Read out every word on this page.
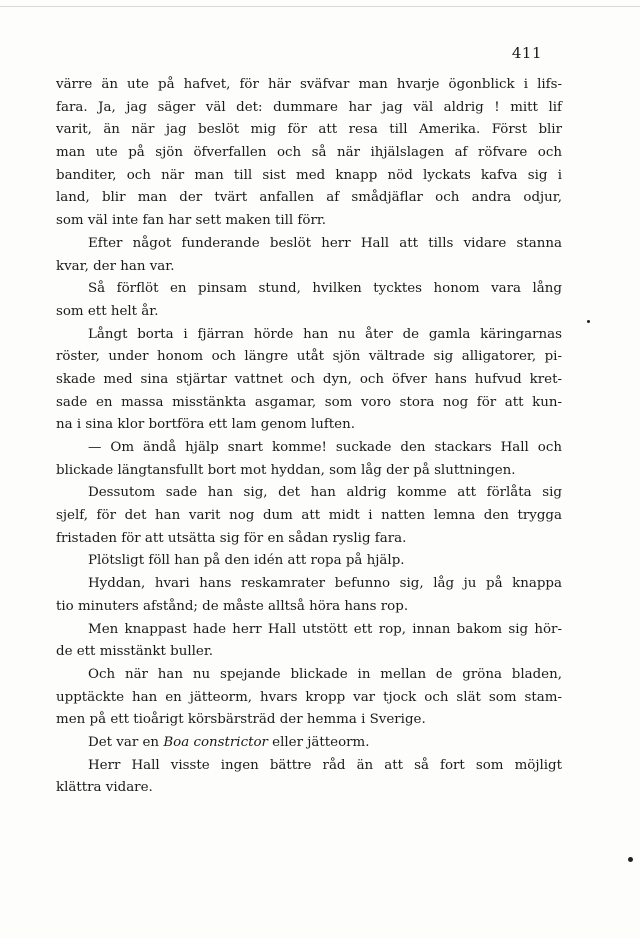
411
värre än ute på hafvet, för här sväfvar man hvarje ögonblick i lifs-
fara. Ja, jag säger väl det: dummare har jag väl aldrig ! mitt lif
varit, än när jag beslöt mig för att resa till Amerika. Först blir
man ute på sjön öfverfallen och så när ihjälslagen af röfvare och
banditer, och när man till sist med knapp nöd lyckats kafva sig i
land, blir man der tvärt anfallen af smådjäflar och andra odjur,
som väl inte fan har sett maken till förr.
Efter något funderande beslöt herr Hall att tills vidare stanna
kvar, der han var.
Så förflöt en pinsam stund, hvilken tycktes honom vara lång
som ett helt år.
Långt borta i fjärran hörde han nu åter de gamla käringarnas
röster, under honom och längre utåt sjön vältrade sig alligatorer, pi-
skade med sina stjärtar vattnet och dyn, och öfver hans hufvud kret-
sade en massa misstänkta asgamar, som voro stora nog för att kun-
na i sina klor bortföra ett lam genom luften.
— Om ändå hjälp snart komme! suckade den stackars Hall och
blickade längtansfullt bort mot hyddan, som låg der på sluttningen.
Dessutom sade han sig, det han aldrig komme att förlåta sig
sjelf, för det han varit nog dum att midt i natten lemna den trygga
fristaden för att utsätta sig för en sådan ryslig fara.
Plötsligt föll han på den idén att ropa på hjälp.
Hyddan, hvari hans reskamrater befunno sig, låg ju på knappa
tio minuters afstånd; de måste alltså höra hans rop.
Men knappast hade herr Hall utstött ett rop, innan bakom sig hör-
de ett misstänkt buller.
Och när han nu spejande blickade in mellan de gröna bladen,
upptäckte han en jätteorm, hvars kropp var tjock och slät som stam-
men på ett tioårigt körsbärsträd der hemma i Sverige.
Det var en Boa constrictor eller jätteorm.
Herr Hall visste ingen bättre råd än att så fort som möjligt
klättra vidare.
